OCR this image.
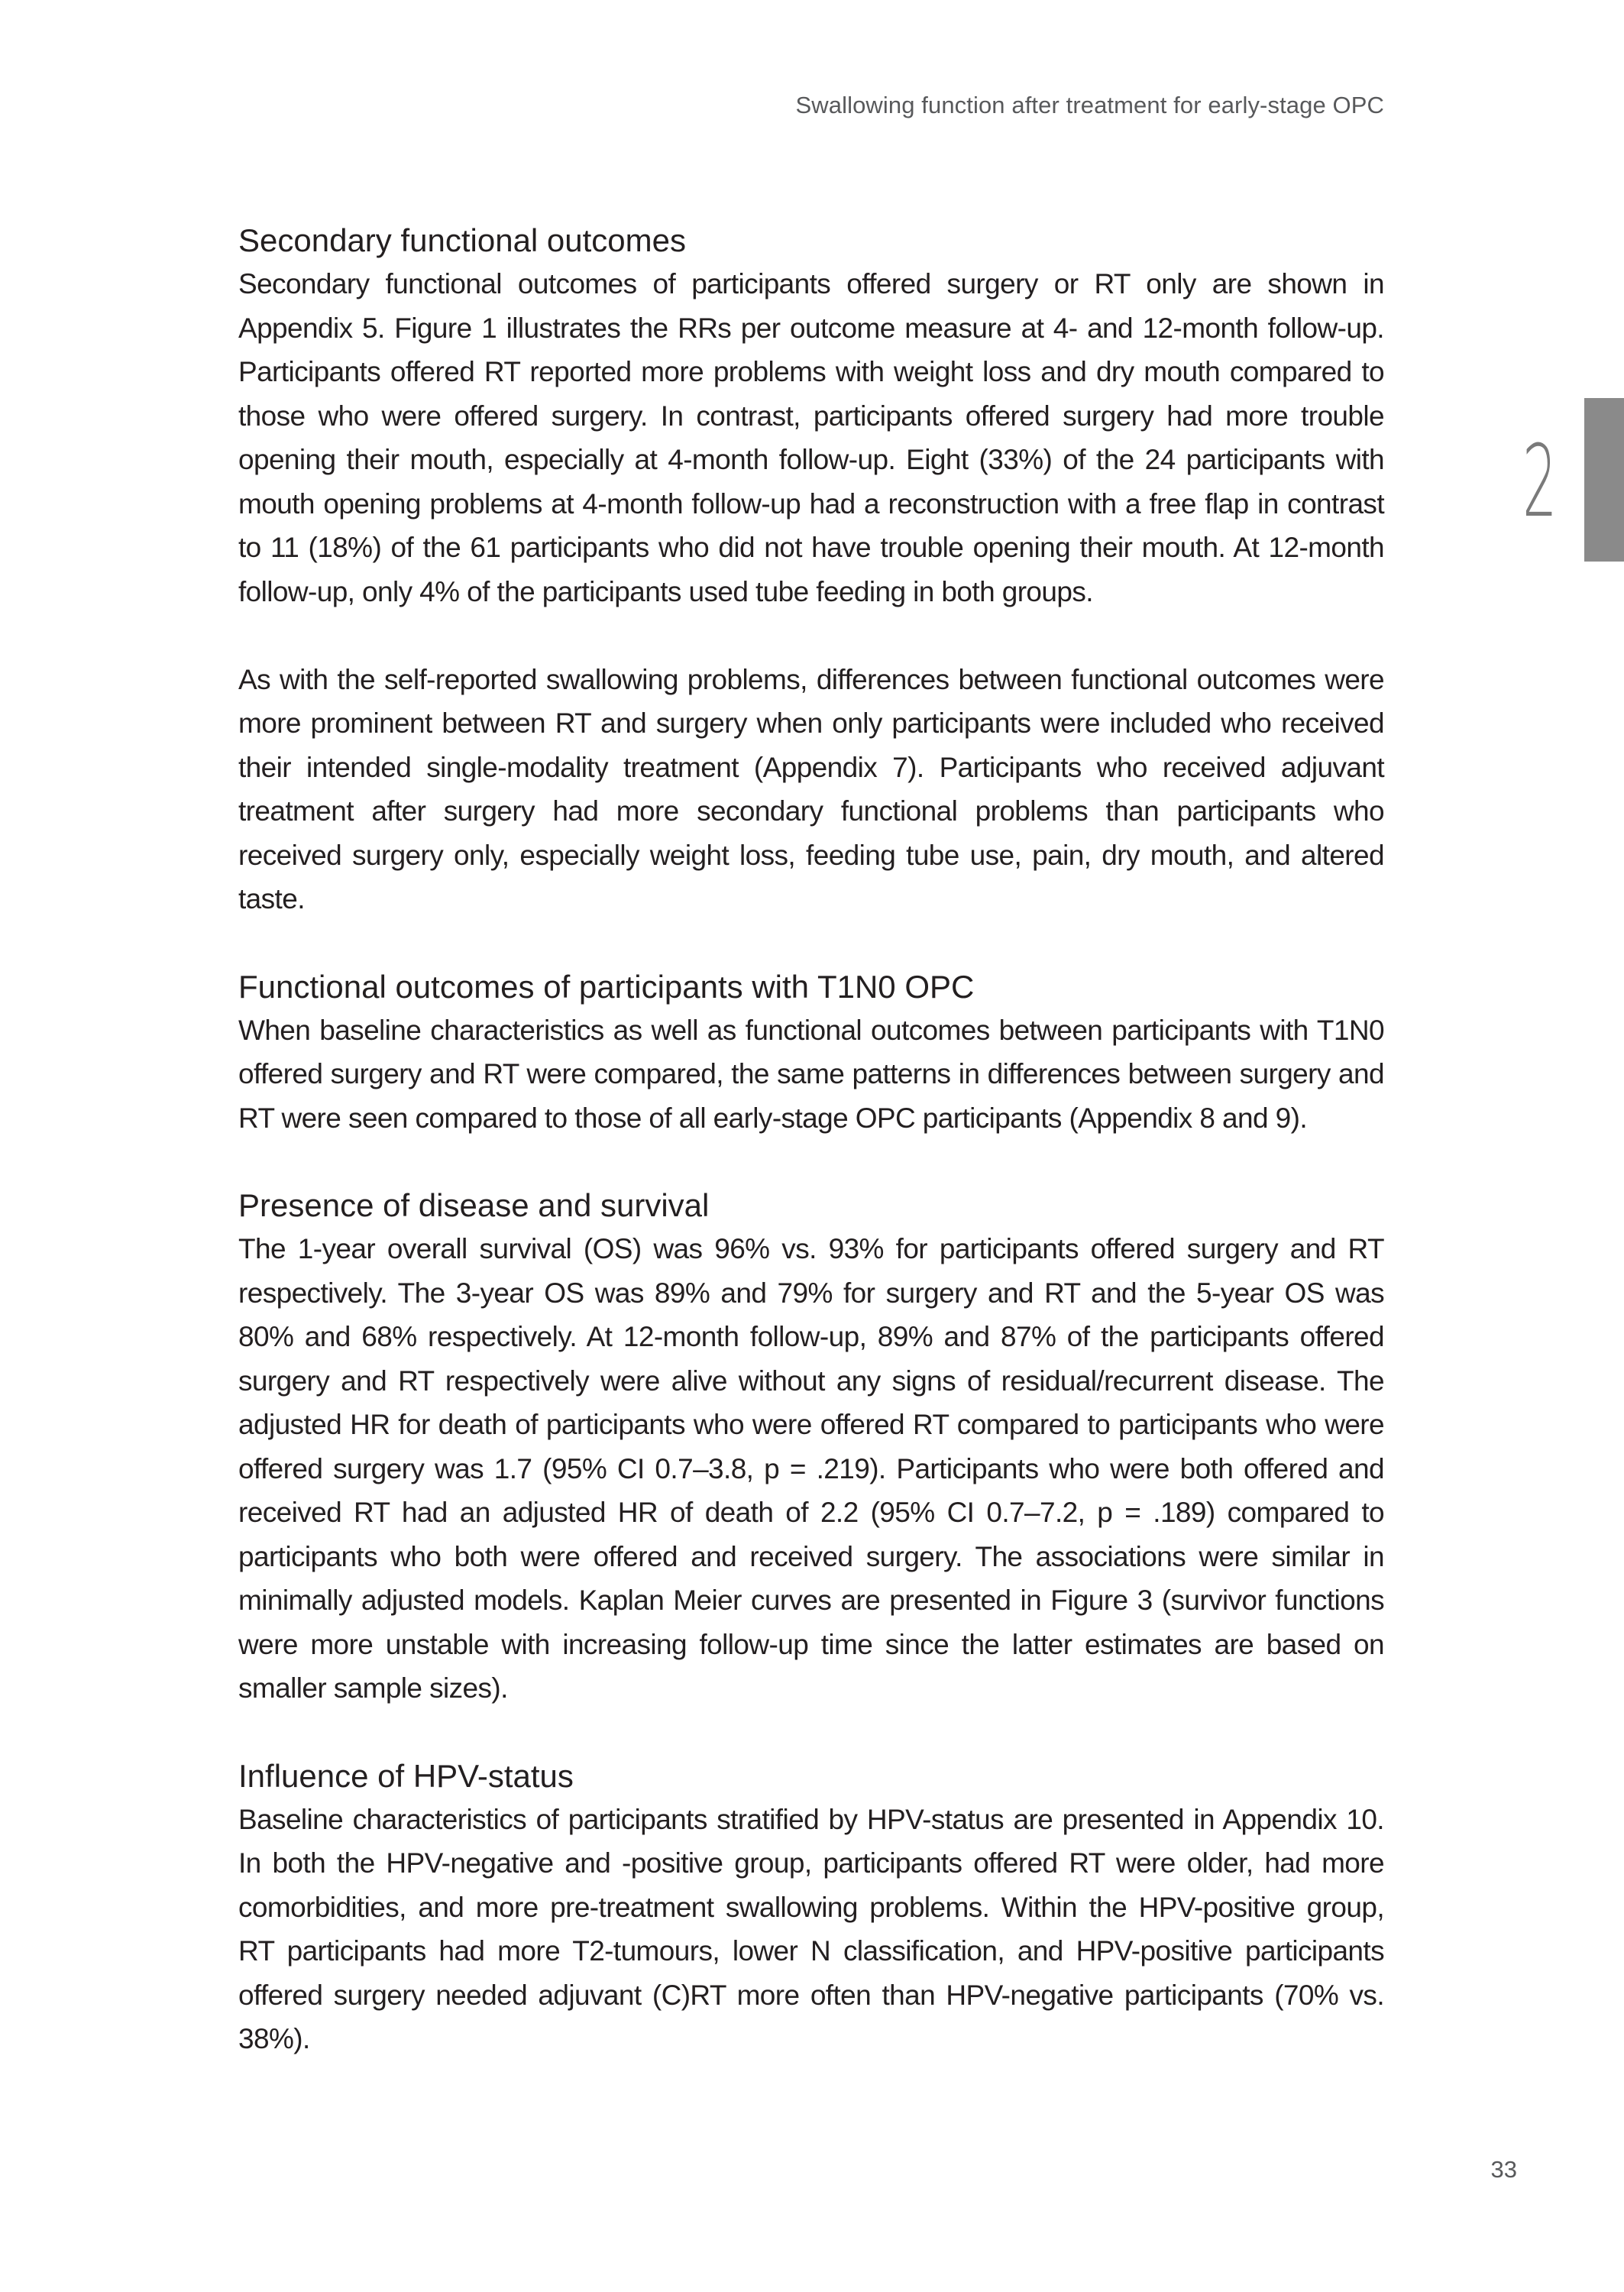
Swallowing function after treatment for early-stage OPC
2
Secondary functional outcomes

Secondary functional outcomes of participants offered surgery or RT only are shown in Appendix 5. Figure 1 illustrates the RRs per outcome measure at 4- and 12-month follow-up. Participants offered RT reported more problems with weight loss and dry mouth compared to those who were offered surgery. In contrast, participants offered surgery had more trouble opening their mouth, especially at 4-month follow-up. Eight (33%) of the 24 participants with mouth opening problems at 4-month follow-up had a reconstruction with a free flap in contrast to 11 (18%) of the 61 participants who did not have trouble opening their mouth. At 12-month follow-up, only 4% of the participants used tube feeding in both groups.

As with the self-reported swallowing problems, differences between functional outcomes were more prominent between RT and surgery when only participants were included who received their intended single-modality treatment (Appendix 7). Participants who received adjuvant treatment after surgery had more secondary functional problems than participants who received surgery only, especially weight loss, feeding tube use, pain, dry mouth, and altered taste.

Functional outcomes of participants with T1N0 OPC

When baseline characteristics as well as functional outcomes between participants with T1N0 offered surgery and RT were compared, the same patterns in differences between surgery and RT were seen compared to those of all early-stage OPC participants (Appendix 8 and 9).

Presence of disease and survival

The 1-year overall survival (OS) was 96% vs. 93% for participants offered surgery and RT respectively. The 3-year OS was 89% and 79% for surgery and RT and the 5-year OS was 80% and 68% respectively. At 12-month follow-up, 89% and 87% of the participants offered surgery and RT respectively were alive without any signs of residual/recurrent disease. The adjusted HR for death of participants who were offered RT compared to participants who were offered surgery was 1.7 (95% CI 0.7–3.8, p = .219). Participants who were both offered and received RT had an adjusted HR of death of 2.2 (95% CI 0.7–7.2, p = .189) compared to participants who both were offered and received surgery. The associations were similar in minimally adjusted models. Kaplan Meier curves are presented in Figure 3 (survivor functions were more unstable with increasing follow-up time since the latter estimates are based on smaller sample sizes).

Influence of HPV-status

Baseline characteristics of participants stratified by HPV-status are presented in Appendix 10. In both the HPV-negative and -positive group, participants offered RT were older, had more comorbidities, and more pre-treatment swallowing problems. Within the HPV-positive group, RT participants had more T2-tumours, lower N classification, and HPV-positive participants offered surgery needed adjuvant (C)RT more often than HPV-negative participants (70% vs. 38%).

33
